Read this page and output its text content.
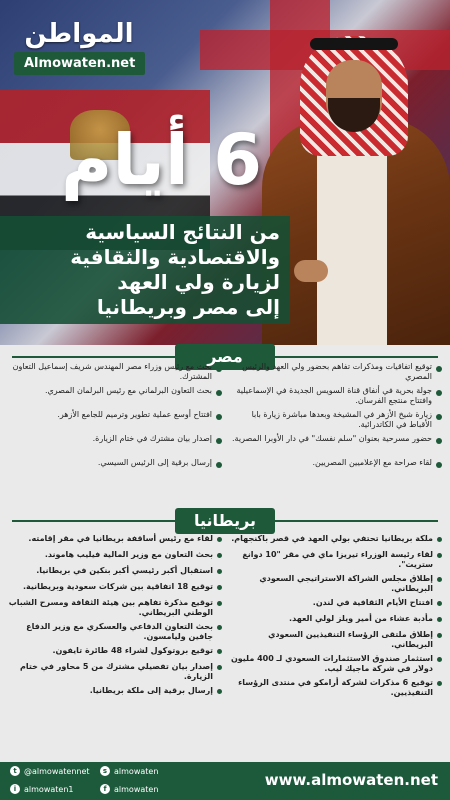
المواطن
Almowaten.net
6 أيام
من النتائج السياسية
والاقتصادية والثقافية
لزيارة ولي العهد
إلى مصر وبريطانيا
مصر
توقيع اتفاقيات ومذكرات تفاهم بحضور ولي العهد والرئيس المصري
جولة بحرية في أنفاق قناة السويس الجديدة في الإسماعيلية وافتتاح منتجع الفرسان.
زيارة شيخ الأزهر في المشيخة وبعدها مباشرة زيارة بابا الأقباط في الكاتدرائية.
حضور مسرحية بعنوان "سلم نفسك" في دار الأوبرا المصرية.
لقاء صراحة مع الإعلاميين المصريين.
بحث مع رئيس وزراء مصر المهندس شريف إسماعيل التعاون المشترك.
بحث التعاون البرلماني مع رئيس البرلمان المصري.
افتتاح أوسع عملية تطوير وترميم للجامع الأزهر.
إصدار بيان مشترك في ختام الزيارة.
إرسال برقية إلى الرئيس السيسي.
بريطانيا
ملكة بريطانيا تحتفي بولي العهد في قصر باكنجهام.
لقاء رئيسة الوزراء تيريزا ماي في مقر "10 دوانغ ستريت".
إطلاق مجلس الشراكة الاستراتيجي السعودي البريطاني.
افتتاح الأيام الثقافية في لندن.
مأدبة عشاء من أمير ويلز لولي العهد.
إطلاق ملتقى الرؤساء التنفيذيين السعودي البريطاني.
استثمار صندوق الاستثمارات السعودي لـ 400 مليون دولار في شركة ماجيك ليب.
توقيع 6 مذكرات لشركة أرامكو في منتدى الرؤساء التنفيذيين.
لقاء مع رئيس أساقفة بريطانيا في مقر إقامته.
بحث التعاون مع وزير المالية فيليب هاموند.
استقبال أكبر رئيسي أكبر بنكين في بريطانيا.
توقيع 18 اتفاقية بين شركات سعودية وبريطانية.
توقيع مذكرة تفاهم بين هيئة الثقافة ومسرح الشباب الوطني البريطاني.
بحث التعاون الدفاعي والعسكري مع وزير الدفاع جافين وليامسون.
توقيع بروتوكول لشراء 48 طائرة تايفون.
إصدار بيان تفصيلي مشترك من 5 محاور في ختام الزيارة.
إرسال برقية إلى ملكة بريطانيا.
t @almowatennet	s almowaten
i almowaten1	f almowaten	www.almowaten.net
